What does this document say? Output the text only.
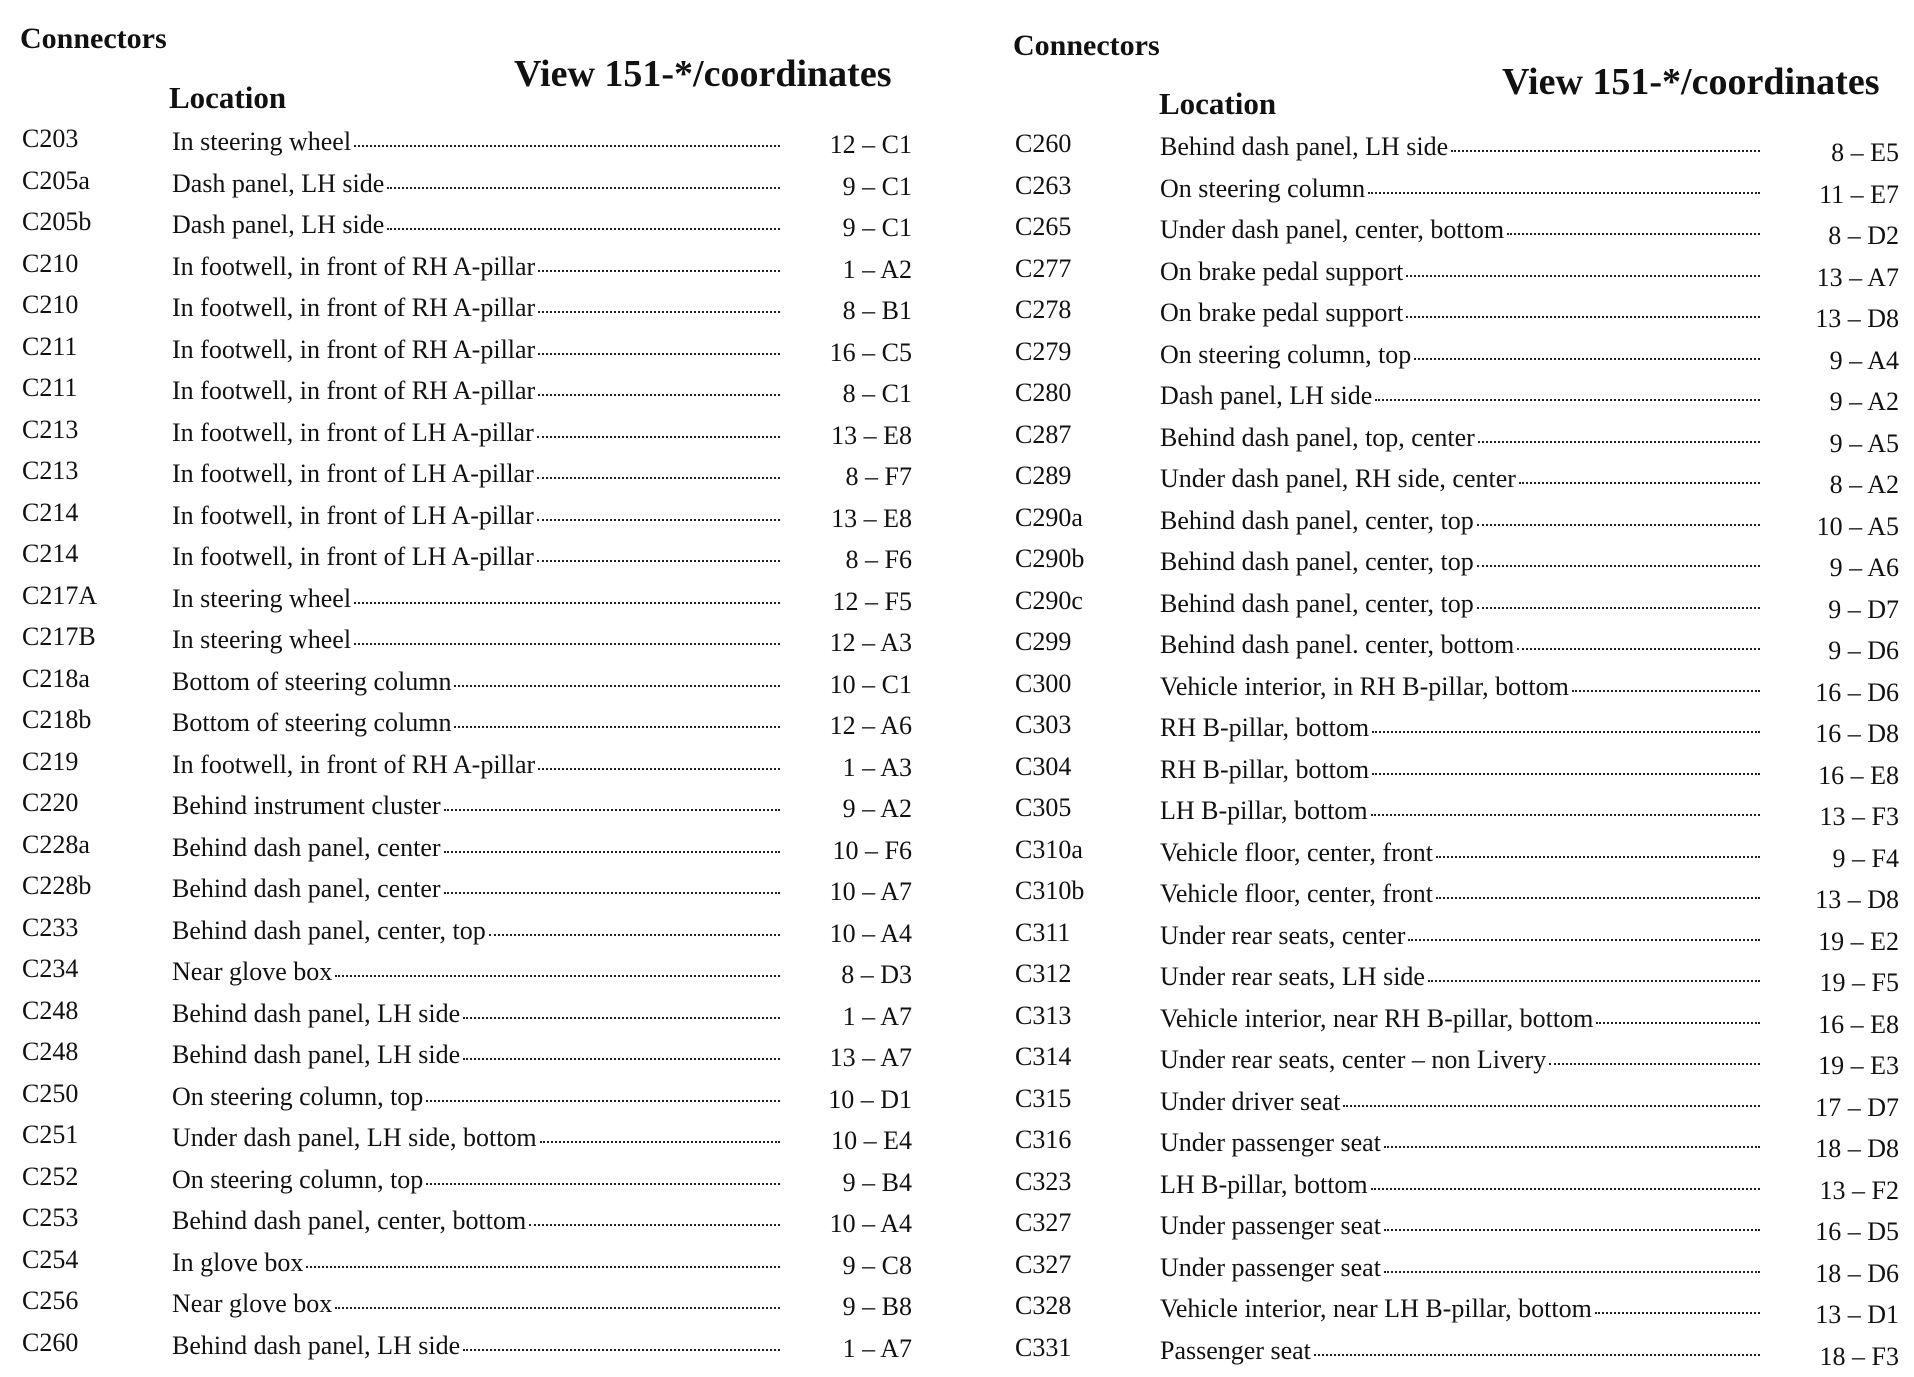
Connectors
Location
View 151-*/coordinates
C203	In steering wheel	12 – C1
C205a	Dash panel, LH side	9 – C1
C205b	Dash panel, LH side	9 – C1
C210	In footwell, in front of RH A-pillar	1 – A2
C210	In footwell, in front of RH A-pillar	8 – B1
C211	In footwell, in front of RH A-pillar	16 – C5
C211	In footwell, in front of RH A-pillar	8 – C1
C213	In footwell, in front of LH A-pillar	13 – E8
C213	In footwell, in front of LH A-pillar	8 – F7
C214	In footwell, in front of LH A-pillar	13 – E8
C214	In footwell, in front of LH A-pillar	8 – F6
C217A	In steering wheel	12 – F5
C217B	In steering wheel	12 – A3
C218a	Bottom of steering column	10 – C1
C218b	Bottom of steering column	12 – A6
C219	In footwell, in front of RH A-pillar	1 – A3
C220	Behind instrument cluster	9 – A2
C228a	Behind dash panel, center	10 – F6
C228b	Behind dash panel, center	10 – A7
C233	Behind dash panel, center, top	10 – A4
C234	Near glove box	8 – D3
C248	Behind dash panel, LH side	1 – A7
C248	Behind dash panel, LH side	13 – A7
C250	On steering column, top	10 – D1
C251	Under dash panel, LH side, bottom	10 – E4
C252	On steering column, top	9 – B4
C253	Behind dash panel, center, bottom	10 – A4
C254	In glove box	9 – C8
C256	Near glove box	9 – B8
C260	Behind dash panel, LH side	1 – A7
Connectors
Location
View 151-*/coordinates
C260	Behind dash panel, LH side	8 – E5
C263	On steering column	11 – E7
C265	Under dash panel, center, bottom	8 – D2
C277	On brake pedal support	13 – A7
C278	On brake pedal support	13 – D8
C279	On steering column, top	9 – A4
C280	Dash panel, LH side	9 – A2
C287	Behind dash panel, top, center	9 – A5
C289	Under dash panel, RH side, center	8 – A2
C290a	Behind dash panel, center, top	10 – A5
C290b	Behind dash panel, center, top	9 – A6
C290c	Behind dash panel, center, top	9 – D7
C299	Behind dash panel. center, bottom	9 – D6
C300	Vehicle interior, in RH B-pillar, bottom	16 – D6
C303	RH B-pillar, bottom	16 – D8
C304	RH B-pillar, bottom	16 – E8
C305	LH B-pillar, bottom	13 – F3
C310a	Vehicle floor, center, front	9 – F4
C310b	Vehicle floor, center, front	13 – D8
C311	Under rear seats, center	19 – E2
C312	Under rear seats, LH side	19 – F5
C313	Vehicle interior, near RH B-pillar, bottom	16 – E8
C314	Under rear seats, center – non Livery	19 – E3
C315	Under driver seat	17 – D7
C316	Under passenger seat	18 – D8
C323	LH B-pillar, bottom	13 – F2
C327	Under passenger seat	16 – D5
C327	Under passenger seat	18 – D6
C328	Vehicle interior, near LH B-pillar, bottom	13 – D1
C331	Passenger seat	18 – F3
